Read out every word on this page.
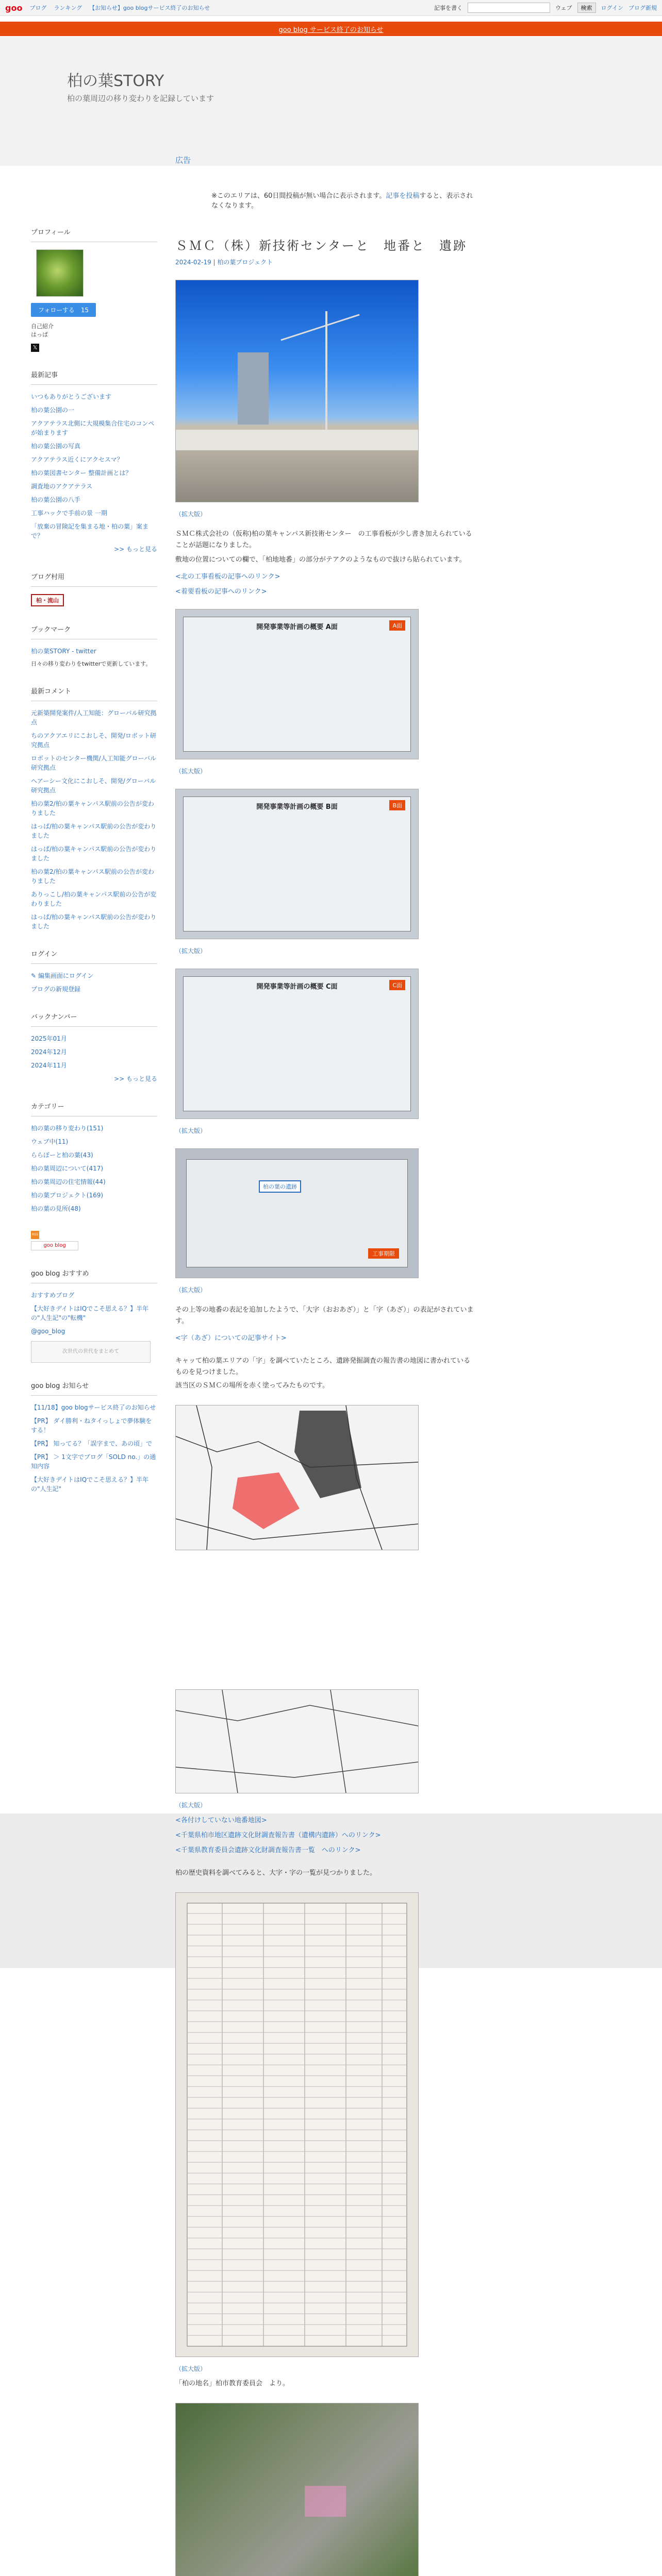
goo ブログ ランキング 【お知らせ】goo blogサービス終了のお知らせ	記事を書く	ウェブ	検索	ログイン ブログ新規
goo blog サービス終了のお知らせ
柏の葉STORY

柏の葉周辺の移り変わりを記録しています

プロフィール
フォローする　 15
自己紹介
はっぱ
𝕏
最新記事
いつもありがとうございます
柏の葉公園の一
アクアテラス北側に大規模集合住宅のコンペが始まります
柏の葉公園の写真
アクアテラス近くにアクセスマ？
柏の葉図書センター 整備計画とは？
調査地のアクアテラス
柏の葉公園の八手
工事ハックで手前の景 一期
「放棄の冒険記を集まる地・柏の葉」案まで？
>> もっと見る
ブログ村用
柏・流山
ブックマーク
柏の葉STORY - twitter
日々の移り変わりをtwitterで更新しています。
最新コメント
元新築開発案件/人工知能：グローバル研究拠点
ちのアクアエリにこおしそ、開発/ロボット研究拠点
ロボットのセンター機関/人工知能グローバル研究拠点
ヘアーシー文化にこおしそ、開発/グローバル研究拠点
柏の葉2/柏の葉キャンパス駅前の公告が変わりました
はっぱ/柏の葉キャンパス駅前の公告が変わりました
はっぱ/柏の葉キャンパス駅前の公告が変わりました
柏の葉2/柏の葉キャンパス駅前の公告が変わりました
ありっこし/柏の葉キャンパス駅前の公告が変わりました
はっぱ/柏の葉キャンパス駅前の公告が変わりました
ログイン
✎ 編集画面にログイン
ブログの新規登録
バックナンバー
2025年01月
2024年12月
2024年11月
>> もっと見る
カテゴリー
柏の葉の移り変わり(151)
ウェブ中(11)
ららぽーと柏の葉(43)
柏の葉周辺について(417)
柏の葉周辺の住宅情報(44)
柏の葉プロジェクト(169)
柏の葉の見所(48)
RSS
goo blog
goo blog おすすめ
おすすめブログ
【大好きデイトはIQでこそ思える？】半年の"人生記"の"転機"
@goo_blog
次世代の世代をまとめて
goo blog お知らせ
【11/18】goo blogサービス終了のお知らせ
【PR】 ダイ勝利・ねタイっしょで夢体験をする！
【PR】 知ってる？「誤字まで、あの頃」で
【PR】 ＞ 1文字でブログ「SOLD no.」の通知内容
【大好きデイトはIQでこそ思える？】半年の"人生記"
広告
※このエリアは、60日間投稿が無い場合に表示されます。記事を投稿すると、表示されなくなります。
ＳＭＣ（株）新技術センターと　地番と　遺跡
2024-02-19 | 柏の葉プロジェクト
（拡大版）
ＳＭＣ株式会社の（仮称)柏の葉キャンパス新技術センター　の工事看板が少し書き加えられていることが話題になりました。
敷地の位置についての欄で、「柏地地番」の部分がテアクのようなもので抜けら貼られています。
<北の工事看板の記事へのリンク>
<着要看板の記事へのリンク>
開発事業等計画の概要 A面	A面
（拡大版）
開発事業等計画の概要 B面	B面
（拡大版）
開発事業等計画の概要 C面	C面
（拡大版）
柏の葉の遺跡
工事期限
（拡大版）
その上等の地番の表記を追加したようで、「大字（おおあざ）」と「字（あざ）」の表記がされています。
<字（あざ）についての記事サイト>
キャッて柏の葉エリアの「字」を調べていたところ、遺跡発掘調査の報告書の地図に書かれているものを見つけました。
該当区のＳＭＣの場所を赤く塗ってみたものです。
（拡大版）
<各付けしていない地番地図>
<千葉県柏市地区遺跡文化財調査報告書（遺構内遺跡）へのリンク>
<千葉県教育委員会遺跡文化財調査報告書一覧　へのリンク>
柏の歴史資料を調べてみると、大字・字の一覧が見つかりました。
（拡大版）
「柏の地名」柏市教育委員会　より。
